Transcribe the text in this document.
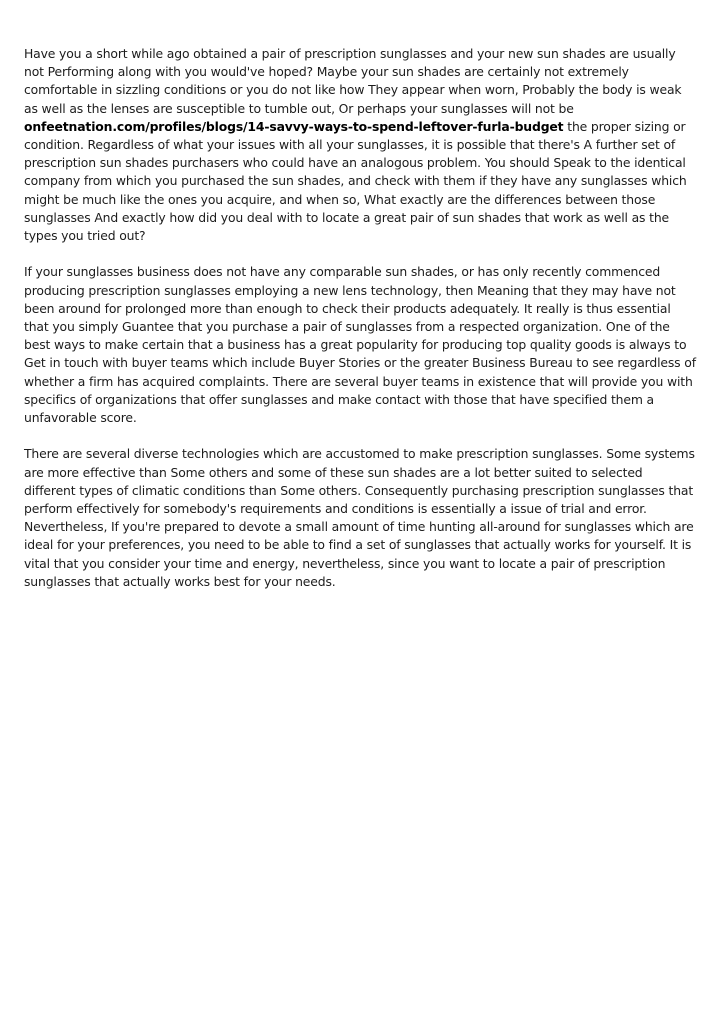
Have you a short while ago obtained a pair of prescription sunglasses and your new sun shades are usually not Performing along with you would've hoped? Maybe your sun shades are certainly not extremely comfortable in sizzling conditions or you do not like how They appear when worn, Probably the body is weak as well as the lenses are susceptible to tumble out, Or perhaps your sunglasses will not be onfeetnation.com/profiles/blogs/14-savvy-ways-to-spend-leftover-furla-budget the proper sizing or condition. Regardless of what your issues with all your sunglasses, it is possible that there's A further set of prescription sun shades purchasers who could have an analogous problem. You should Speak to the identical company from which you purchased the sun shades, and check with them if they have any sunglasses which might be much like the ones you acquire, and when so, What exactly are the differences between those sunglasses And exactly how did you deal with to locate a great pair of sun shades that work as well as the types you tried out?

If your sunglasses business does not have any comparable sun shades, or has only recently commenced producing prescription sunglasses employing a new lens technology, then Meaning that they may have not been around for prolonged more than enough to check their products adequately. It really is thus essential that you simply Guantee that you purchase a pair of sunglasses from a respected organization. One of the best ways to make certain that a business has a great popularity for producing top quality goods is always to Get in touch with buyer teams which include Buyer Stories or the greater Business Bureau to see regardless of whether a firm has acquired complaints. There are several buyer teams in existence that will provide you with specifics of organizations that offer sunglasses and make contact with those that have specified them a unfavorable score.

There are several diverse technologies which are accustomed to make prescription sunglasses. Some systems are more effective than Some others and some of these sun shades are a lot better suited to selected different types of climatic conditions than Some others. Consequently purchasing prescription sunglasses that perform effectively for somebody's requirements and conditions is essentially a issue of trial and error. Nevertheless, If you're prepared to devote a small amount of time hunting all-around for sunglasses which are ideal for your preferences, you need to be able to find a set of sunglasses that actually works for yourself. It is vital that you consider your time and energy, nevertheless, since you want to locate a pair of prescription sunglasses that actually works best for your needs.
